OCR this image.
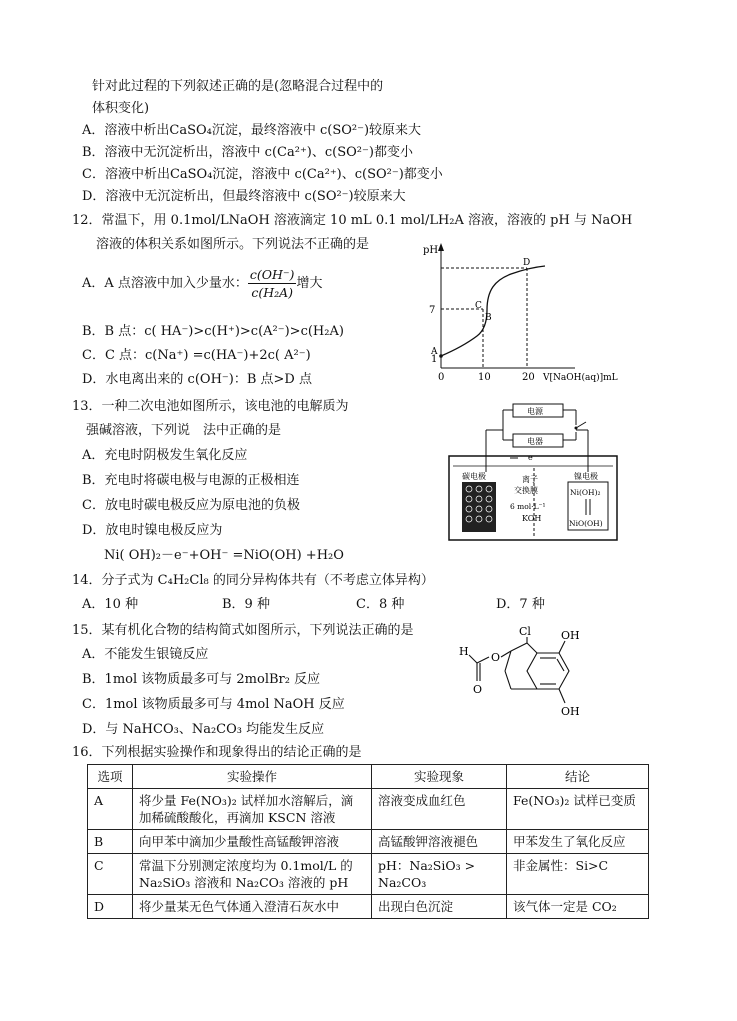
针对此过程的下列叙述正确的是(忽略混合过程中的
体积变化)
A．溶液中析出CaSO₄沉淀，最终溶液中 c(SO²⁻)较原来大
B．溶液中无沉淀析出，溶液中 c(Ca²⁺)、c(SO²⁻)都变小
C．溶液中析出CaSO₄沉淀，溶液中 c(Ca²⁺)、c(SO²⁻)都变小
D．溶液中无沉淀析出，但最终溶液中 c(SO²⁻)较原来大
12．常温下，用 0.1mol/LNaOH 溶液滴定 10 mL 0.1 mol/LH₂A 溶液，溶液的 pH 与 NaOH
溶液的体积关系如图所示。下列说法不正确的是
A．A 点溶液中加入少量水： $\frac{c(OH^-)}{\text{c(H₂A)}}$ 增大
B．B 点：c( HA⁻)>c(H⁺)>c(A²⁻)>c(H₂A)
C．C 点：c(Na⁺) =c(HA⁻)+2c( A²⁻)
D．水电离出来的 c(OH⁻)：B 点>D 点
pH
7
1
0	10	20 V[NaOH(aq)]mL
A
C
B
D
13．一种二次电池如图所示，该电池的电解质为
强碱溶液，下列说　法中正确的是
A．充电时阴极发生氧化反应
B．充电时将碳电极与电源的正极相连
C．放电时碳电极反应为原电池的负极
D．放电时镍电极反应为
Ni( OH)₂－e⁻+OH⁻ =NiO(OH) +H₂O
电源
电器
e
碳电极	镍电极
离子
交换膜
6 mol·L⁻¹
KOH
Ni(OH)₂
NiO(OH)
14．分子式为 C₄H₂Cl₈ 的同分异构体共有（不考虑立体异构）
A．10 种	B．9 种	C．8 种	D．7 种
15．某有机化合物的结构简式如图所示，下列说法正确的是
A．不能发生银镜反应
B．1mol 该物质最多可与 2molBr₂ 反应
C．1mol 该物质最多可与 4mol NaOH 反应
D．与 NaHCO₃、Na₂CO₃ 均能发生反应
Cl	OH
OH
O
H
O
16．下列根据实验操作和现象得出的结论正确的是
选项	实验操作	实验现象	结论
A	将少量 Fe(NO₃)₂ 试样加水溶解后，滴加稀硫酸酸化，再滴加 KSCN 溶液	溶液变成血红色	Fe(NO₃)₂ 试样已变质
B	向甲苯中滴加少量酸性高锰酸钾溶液	高锰酸钾溶液褪色	甲苯发生了氧化反应
C	常温下分别测定浓度均为 0.1mol/L 的 Na₂SiO₃ 溶液和 Na₂CO₃ 溶液的 pH	pH：Na₂SiO₃ > Na₂CO₃	非金属性：Si>C
D	将少量某无色气体通入澄清石灰水中	出现白色沉淀	该气体一定是 CO₂
